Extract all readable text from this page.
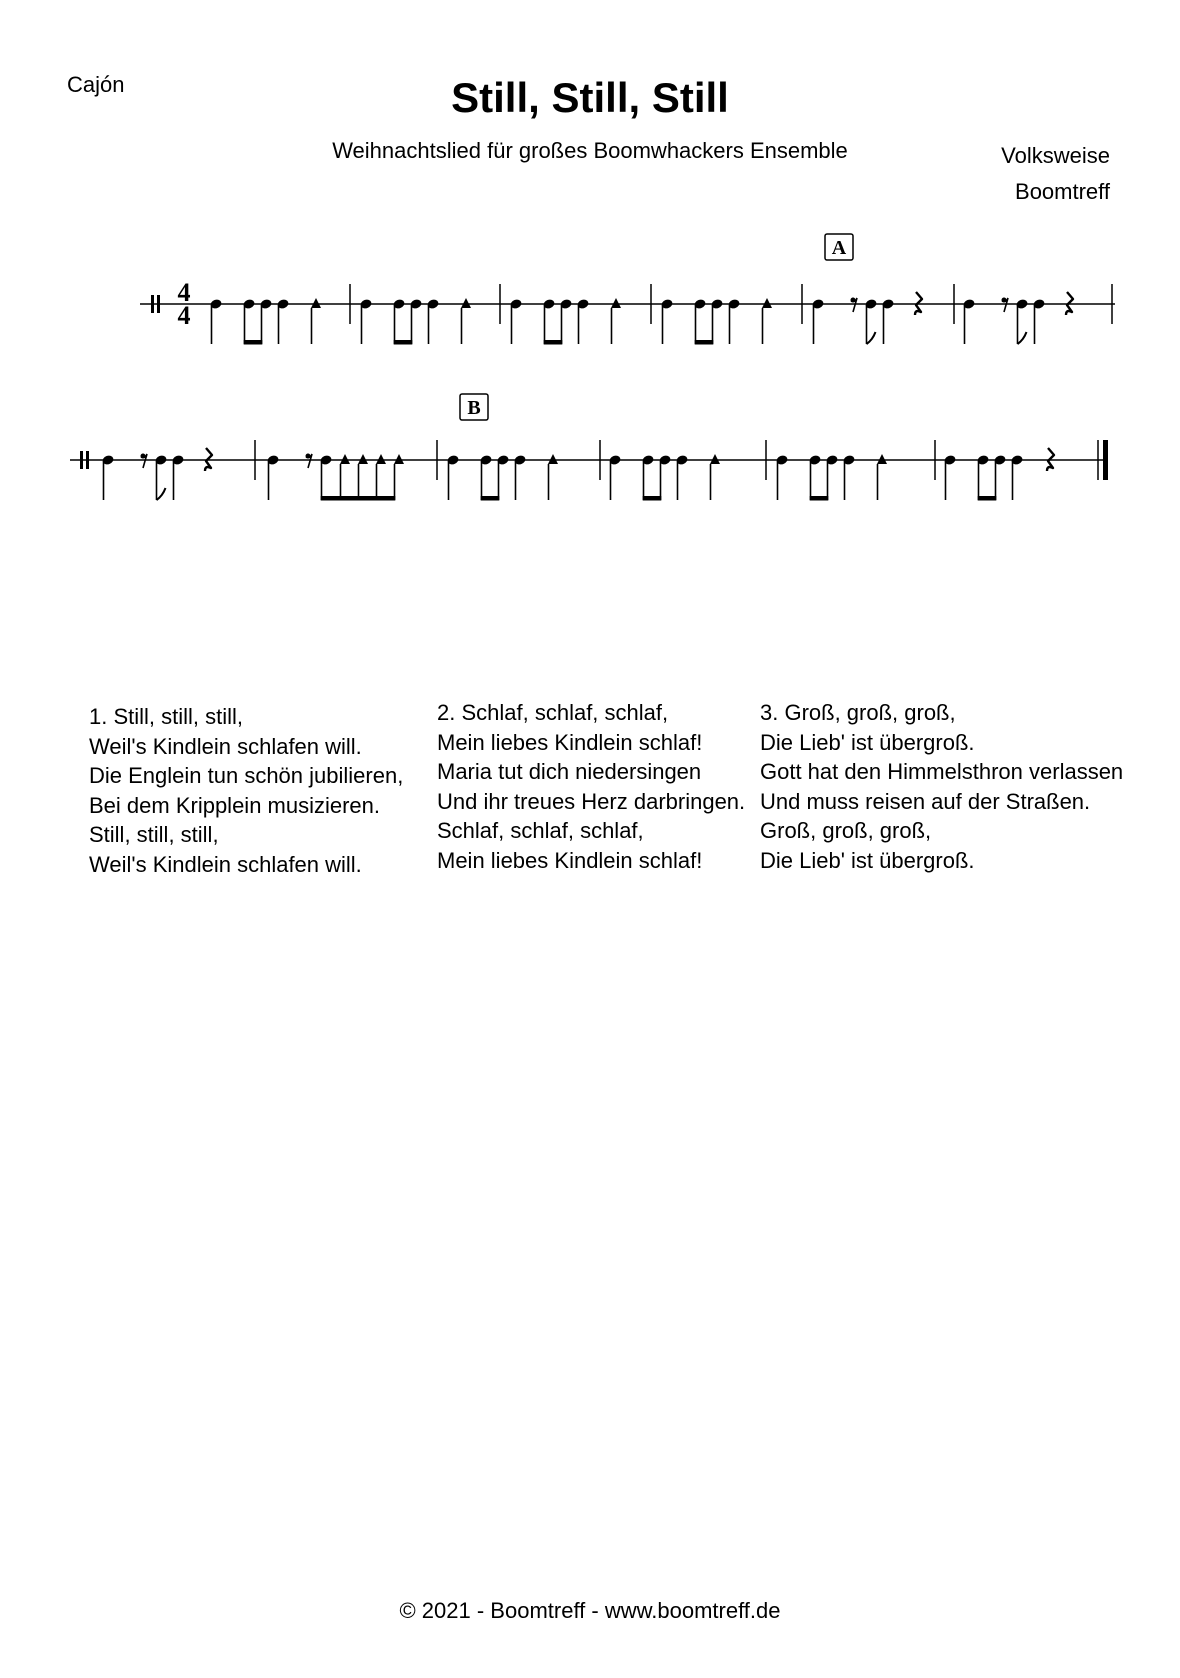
Cajón	Still, Still, Still
Weihnachtslied für großes Boomwhackers Ensemble	Volksweise
Boomtreff
4
4
A
B
1. Still, still, still,
Weil's Kindlein schlafen will.
Die Englein tun schön jubilieren,
Bei dem Kripplein musizieren.
Still, still, still,
Weil's Kindlein schlafen will.
2. Schlaf, schlaf, schlaf,
Mein liebes Kindlein schlaf!
Maria tut dich niedersingen
Und ihr treues Herz darbringen.
Schlaf, schlaf, schlaf,
Mein liebes Kindlein schlaf!
3. Groß, groß, groß,
Die Lieb' ist übergroß.
Gott hat den Himmelsthron verlassen
Und muss reisen auf der Straßen.
Groß, groß, groß,
Die Lieb' ist übergroß.
© 2021 - Boomtreff - www.boomtreff.de
